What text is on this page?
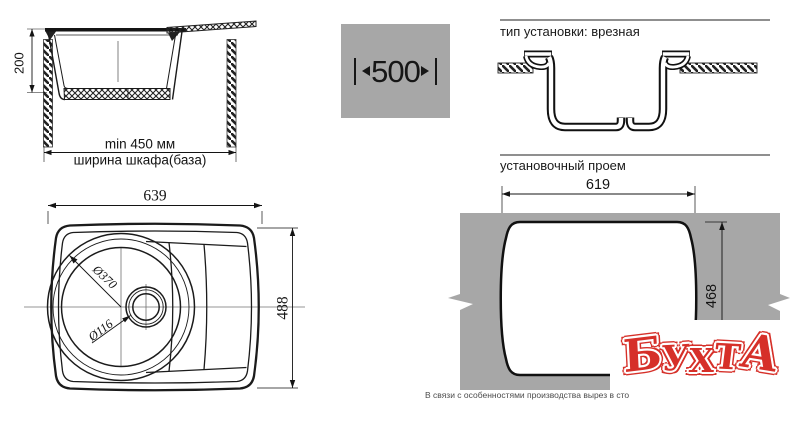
200
min 450 мм
ширина шкафа(база)
500
тип установки: врезная
установочный проем
619
468
Ø370
Ø116
639
488
В связи с особенностями производства вырез в сто
Б
У
Х
Т
А
